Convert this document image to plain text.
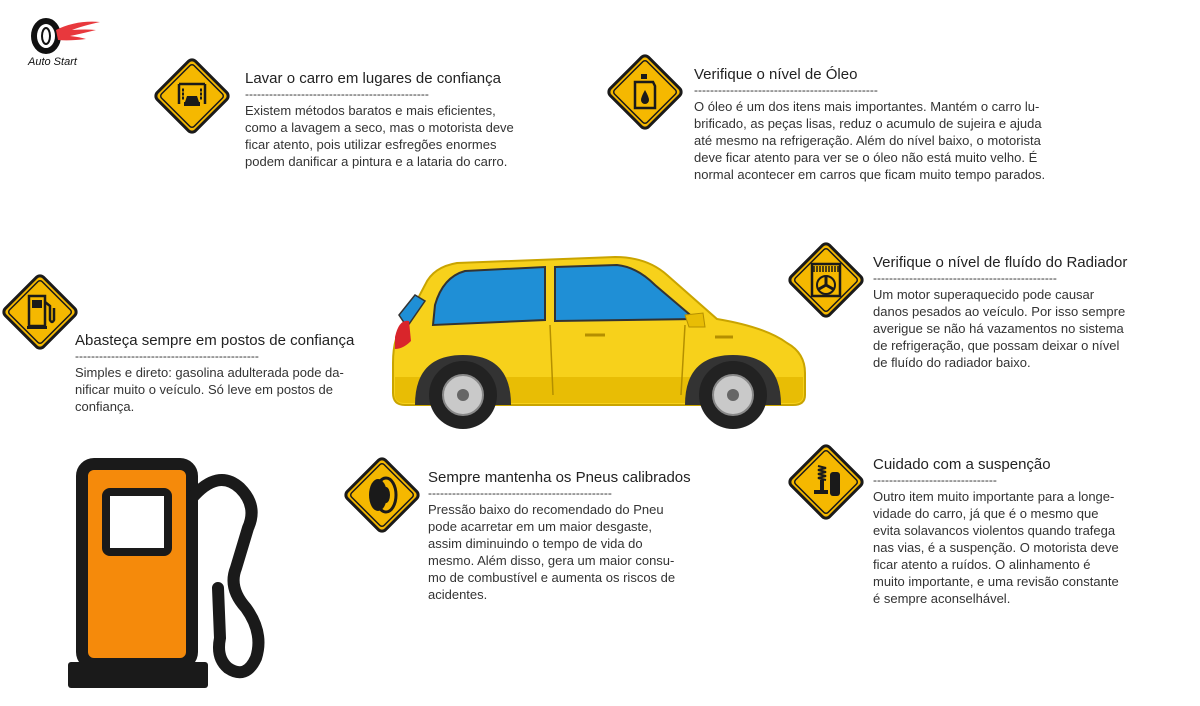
Auto Start
Lavar o carro em lugares de confiança
----------------------------------------------

Existem métodos baratos e mais eficientes,
como a lavagem a seco, mas o motorista deve
ficar atento, pois utilizar esfregões enormes
podem danificar a pintura e a lataria do carro.

Verifique o nível de Óleo
----------------------------------------------

O óleo é um dos itens mais importantes. Mantém o carro lu-
brificado, as peças lisas, reduz o acumulo de sujeira e ajuda
até mesmo na refrigeração. Além do nível baixo, o motorista
deve ficar atento para ver se o óleo não está muito velho. É
normal acontecer em carros que ficam muito tempo parados.

Abasteça sempre em postos de confiança
----------------------------------------------

Simples e direto: gasolina adulterada pode da-
nificar muito o veículo. Só leve em postos de
confiança.

Verifique o nível de fluído do Radiador
----------------------------------------------

Um motor superaquecido pode causar
danos pesados ao veículo. Por isso sempre
averigue se não há vazamentos no sistema
de refrigeração, que possam deixar o nível
de fluído do radiador baixo.

Sempre mantenha os Pneus calibrados
----------------------------------------------

Pressão baixo do recomendado do Pneu
pode acarretar em um maior desgaste,
assim diminuindo o tempo de vida do
mesmo. Além disso, gera um maior consu-
mo de combustível e aumenta os riscos de
acidentes.

Cuidado com a suspenção
-------------------------------

Outro item muito importante para a longe-
vidade do carro, já que é o mesmo que
evita solavancos violentos quando trafega
nas vias, é a suspenção. O motorista deve
ficar atento a ruídos. O alinhamento é
muito importante, e uma revisão constante
é sempre aconselhável.
